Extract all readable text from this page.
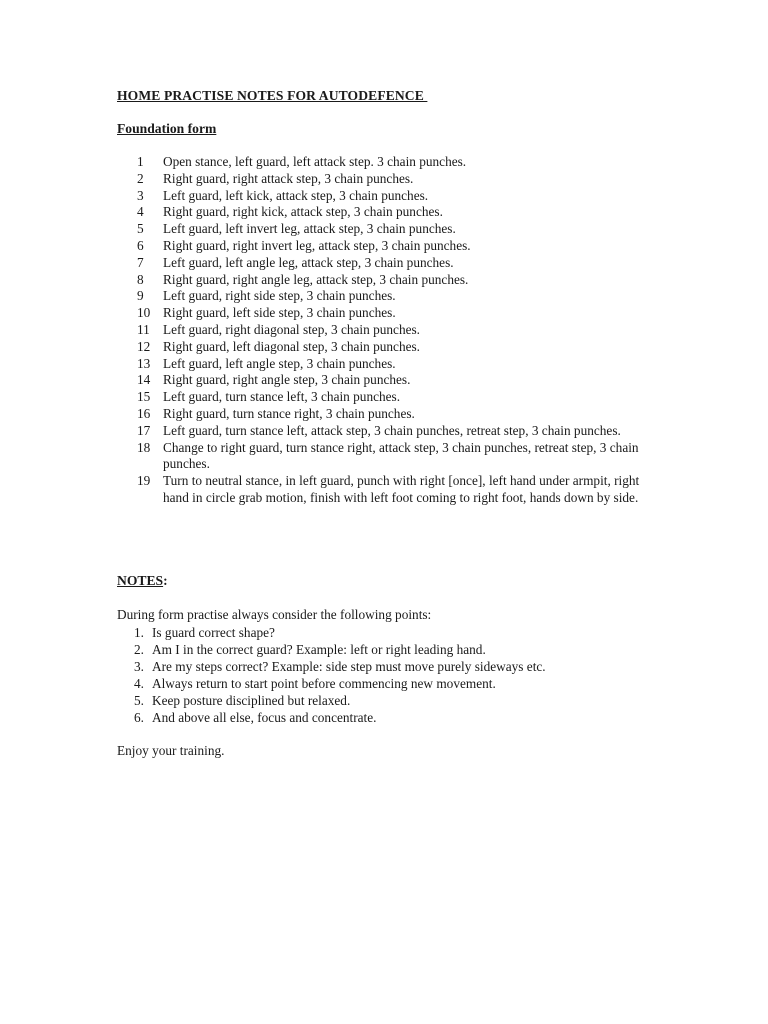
HOME PRACTISE NOTES FOR AUTODEFENCE
Foundation form
1	Open stance, left guard, left attack step. 3 chain punches.
2	Right guard, right attack step, 3 chain punches.
3	Left guard, left kick, attack step, 3 chain punches.
4	Right guard, right kick, attack step, 3 chain punches.
5	Left guard, left invert leg, attack step, 3 chain punches.
6	Right guard, right invert leg, attack step, 3 chain punches.
7	Left guard, left angle leg, attack step, 3 chain punches.
8	Right guard, right angle leg, attack step, 3 chain punches.
9	Left guard, right side step, 3 chain punches.
10 Right guard, left side step, 3 chain punches.
11 Left guard, right diagonal step, 3 chain punches.
12 Right guard, left diagonal step, 3 chain punches.
13 Left guard, left angle step, 3 chain punches.
14 Right guard, right angle step, 3 chain punches.
15 Left guard, turn stance left, 3 chain punches.
16 Right guard, turn stance right, 3 chain punches.
17 Left guard, turn stance left, attack step, 3 chain punches, retreat step, 3 chain punches.
18 Change to right guard, turn stance right, attack step, 3 chain punches, retreat step, 3 chain punches.
19 Turn to neutral stance, in left guard, punch with right [once], left hand under armpit, right hand in circle grab motion, finish with left foot coming to right foot, hands down by side.
NOTES:
During form practise always consider the following points:
1. Is guard correct shape?
2. Am I in the correct guard? Example: left or right leading hand.
3. Are my steps correct? Example: side step must move purely sideways etc.
4. Always return to start point before commencing new movement.
5. Keep posture disciplined but relaxed.
6. And above all else, focus and concentrate.
Enjoy your training.
